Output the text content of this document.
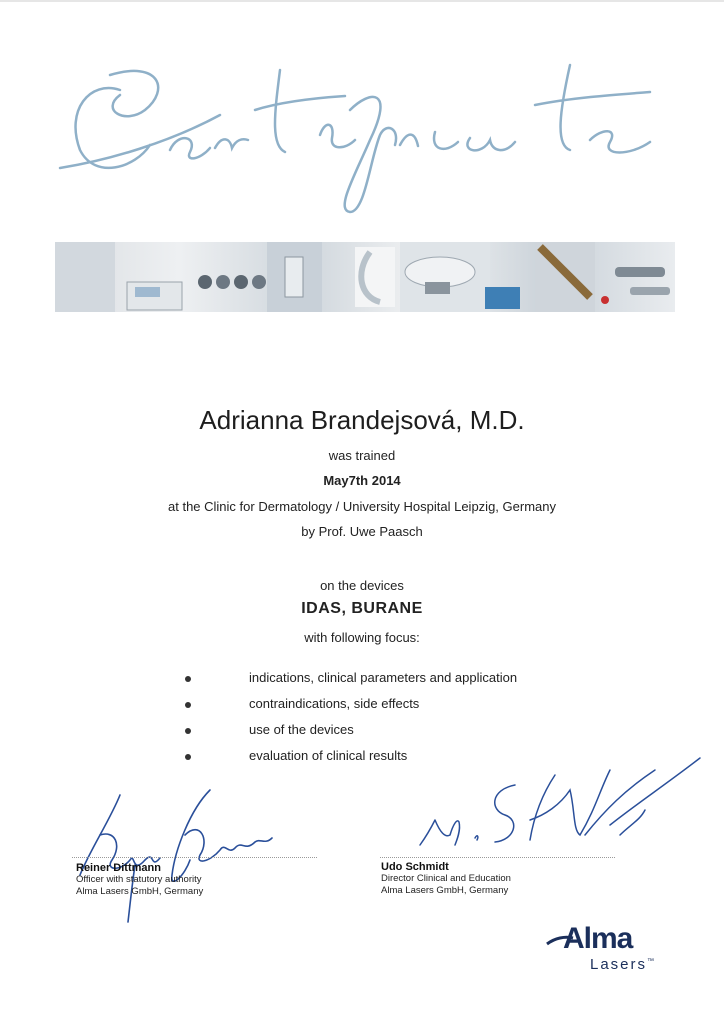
Adrianna Brandejsová, M.D.
was trained
May7th 2014
at the Clinic for Dermatology / University Hospital Leipzig, Germany
by Prof. Uwe Paasch
on the devices
IDAS, BURANE
with following focus:
indications, clinical parameters and application
contraindications, side effects
use of the devices
evaluation of clinical results
Reiner Dittmann
Officer with statutory authority
Alma Lasers GmbH, Germany
Udo Schmidt
Director Clinical and Education
Alma Lasers GmbH, Germany
Alma
Lasers™
